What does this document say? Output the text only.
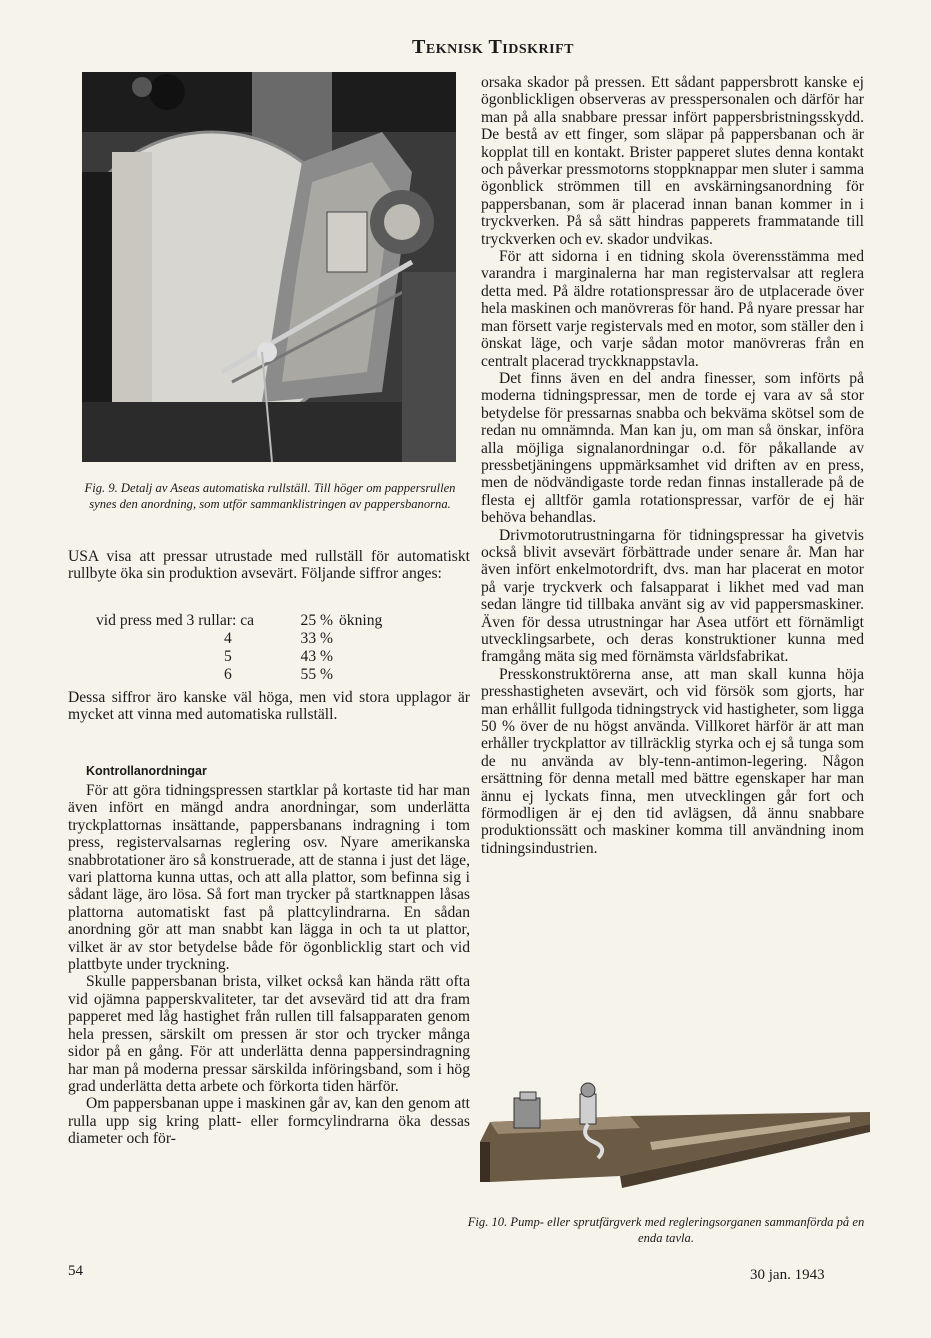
Teknisk Tidskrift
Fig. 9. Detalj av Aseas automatiska rullställ. Till höger om pappersrullen synes den anordning, som utför sammanklistringen av pappersbanorna.

USA visa att pressar utrustade med rullställ för automatiskt rullbyte öka sin produktion avsevärt. Följande siffror anges:

vid press med 3 rullar: ca	25 % ökning
4	33 %
5	43 %
6	55 %

Dessa siffror äro kanske väl höga, men vid stora upplagor är mycket att vinna med automatiska rullställ.

Kontrollanordningar

För att göra tidningspressen startklar på kortaste tid har man även infört en mängd andra anordningar, som underlätta tryckplattornas insättande, pappersbanans indragning i tom press, registervalsarnas reglering osv. Nyare amerikanska snabbrotationer äro så konstruerade, att de stanna i just det läge, vari plattorna kunna uttas, och att alla plattor, som befinna sig i sådant läge, äro lösa. Så fort man trycker på startknappen låsas plattorna automatiskt fast på plattcylindrarna. En sådan anordning gör att man snabbt kan lägga in och ta ut plattor, vilket är av stor betydelse både för ögonblicklig start och vid plattbyte under tryckning.

Skulle pappersbanan brista, vilket också kan hända rätt ofta vid ojämna papperskvaliteter, tar det avsevärd tid att dra fram papperet med låg hastighet från rullen till falsapparaten genom hela pressen, särskilt om pressen är stor och trycker många sidor på en gång. För att underlätta denna pappersindragning har man på moderna pressar särskilda införingsband, som i hög grad underlätta detta arbete och förkorta tiden härför.

Om pappersbanan uppe i maskinen går av, kan den genom att rulla upp sig kring platt- eller formcylindrarna öka dessas diameter och för-

orsaka skador på pressen. Ett sådant pappersbrott kanske ej ögonblickligen observeras av presspersonalen och därför har man på alla snabbare pressar infört pappersbristningsskydd. De bestå av ett finger, som släpar på pappersbanan och är kopplat till en kontakt. Brister papperet slutes denna kontakt och påverkar pressmotorns stoppknappar men sluter i samma ögonblick strömmen till en avskärningsanordning för pappersbanan, som är placerad innan banan kommer in i tryckverken. På så sätt hindras papperets frammatande till tryckverken och ev. skador undvikas.

För att sidorna i en tidning skola överensstämma med varandra i marginalerna har man registervalsar att reglera detta med. På äldre rotationspressar äro de utplacerade över hela maskinen och manövreras för hand. På nyare pressar har man försett varje registervals med en motor, som ställer den i önskat läge, och varje sådan motor manövreras från en centralt placerad tryckknappstavla.

Det finns även en del andra finesser, som införts på moderna tidningspressar, men de torde ej vara av så stor betydelse för pressarnas snabba och bekväma skötsel som de redan nu omnämnda. Man kan ju, om man så önskar, införa alla möjliga signalanordningar o.d. för påkallande av pressbetjäningens uppmärksamhet vid driften av en press, men de nödvändigaste torde redan finnas installerade på de flesta ej alltför gamla rotationspressar, varför de ej här behöva behandlas.

Drivmotorutrustningarna för tidningspressar ha givetvis också blivit avsevärt förbättrade under senare år. Man har även infört enkelmotordrift, dvs. man har placerat en motor på varje tryckverk och falsapparat i likhet med vad man sedan längre tid tillbaka använt sig av vid pappersmaskiner. Även för dessa utrustningar har Asea utfört ett förnämligt utvecklingsarbete, och deras konstruktioner kunna med framgång mäta sig med förnämsta världsfabrikat.

Presskonstruktörerna anse, att man skall kunna höja presshastigheten avsevärt, och vid försök som gjorts, har man erhållit fullgoda tidningstryck vid hastigheter, som ligga 50 % över de nu högst använda. Villkoret härför är att man erhåller tryckplattor av tillräcklig styrka och ej så tunga som de nu använda av bly-tenn-antimon-legering. Någon ersättning för denna metall med bättre egenskaper har man ännu ej lyckats finna, men utvecklingen går fort och förmodligen är ej den tid avlägsen, då ännu snabbare produktionssätt och maskiner komma till användning inom tidningsindustrien.

Fig. 10. Pump- eller sprutfärgverk med regleringsorganen sammanförda på en enda tavla.
54	30 jan. 1943
